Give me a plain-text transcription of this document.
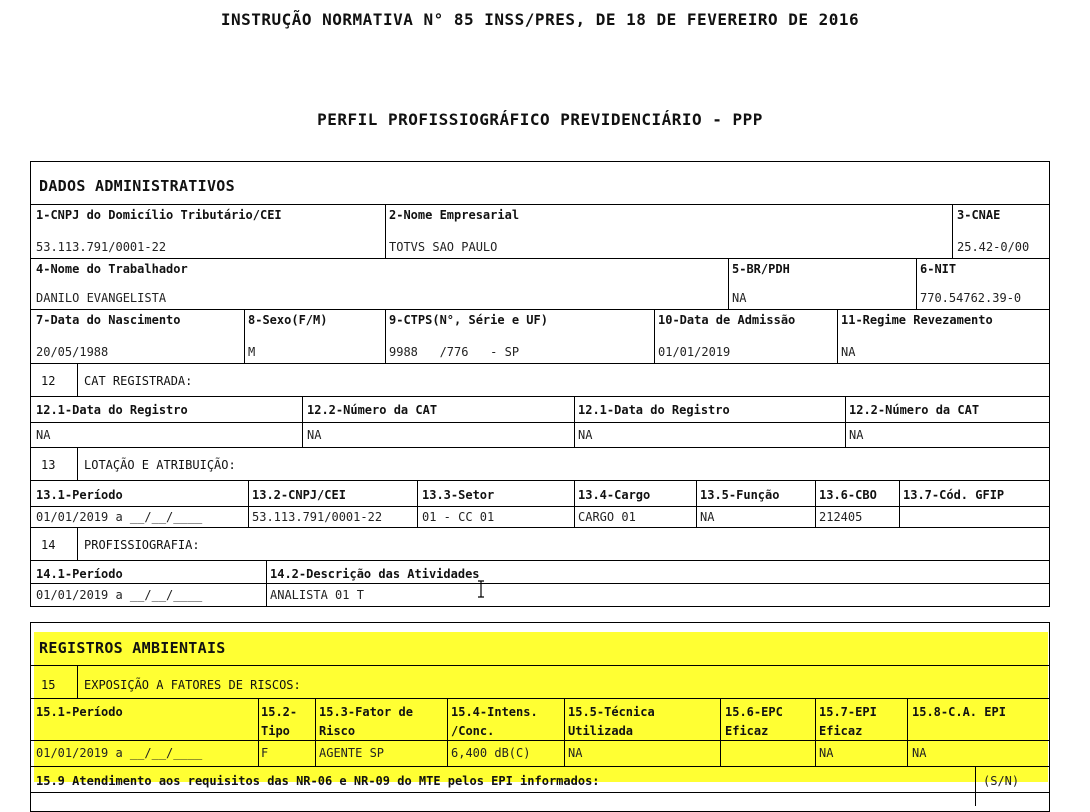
INSTRUÇÃO NORMATIVA N° 85 INSS/PRES, DE 18 DE FEVEREIRO DE 2016
PERFIL PROFISSIOGRÁFICO PREVIDENCIÁRIO - PPP
DADOS ADMINISTRATIVOS
1-CNPJ do Domicílio Tributário/CEI
53.113.791/0001-22
2-Nome Empresarial
TOTVS SAO PAULO
3-CNAE
25.42-0/00
4-Nome do Trabalhador
DANILO EVANGELISTA
5-BR/PDH
NA
6-NIT
770.54762.39-0
7-Data do Nascimento
20/05/1988
8-Sexo(F/M)
M
9-CTPS(N°, Série e UF)
9988   /776   - SP
10-Data de Admissão
01/01/2019
11-Regime Revezamento
NA
12 CAT REGISTRADA:
12.1-Data do Registro
NA
12.2-Número da CAT
NA
12.1-Data do Registro
NA
12.2-Número da CAT
NA
13 LOTAÇÃO E ATRIBUIÇÃO:
13.1-Período
01/01/2019 a __/__/____
13.2-CNPJ/CEI
53.113.791/0001-22
13.3-Setor
01 - CC 01
13.4-Cargo
CARGO 01
13.5-Função
NA
13.6-CBO
212405
13.7-Cód. GFIP
14 PROFISSIOGRAFIA:
14.1-Período
01/01/2019 a __/__/____
14.2-Descrição das Atividades
ANALISTA 01 T
REGISTROS AMBIENTAIS
15 EXPOSIÇÃO A FATORES DE RISCOS:
15.1-Período
01/01/2019 a __/__/____
15.2-
Tipo
F
15.3-Fator de
Risco
AGENTE SP
15.4-Intens.
/Conc.
6,400 dB(C)
15.5-Técnica
Utilizada
NA
15.6-EPC
Eficaz
15.7-EPI
Eficaz
NA
15.8-C.A. EPI
NA
15.9 Atendimento aos requisitos das NR-06 e NR-09 do MTE pelos EPI informados:	(S/N)
